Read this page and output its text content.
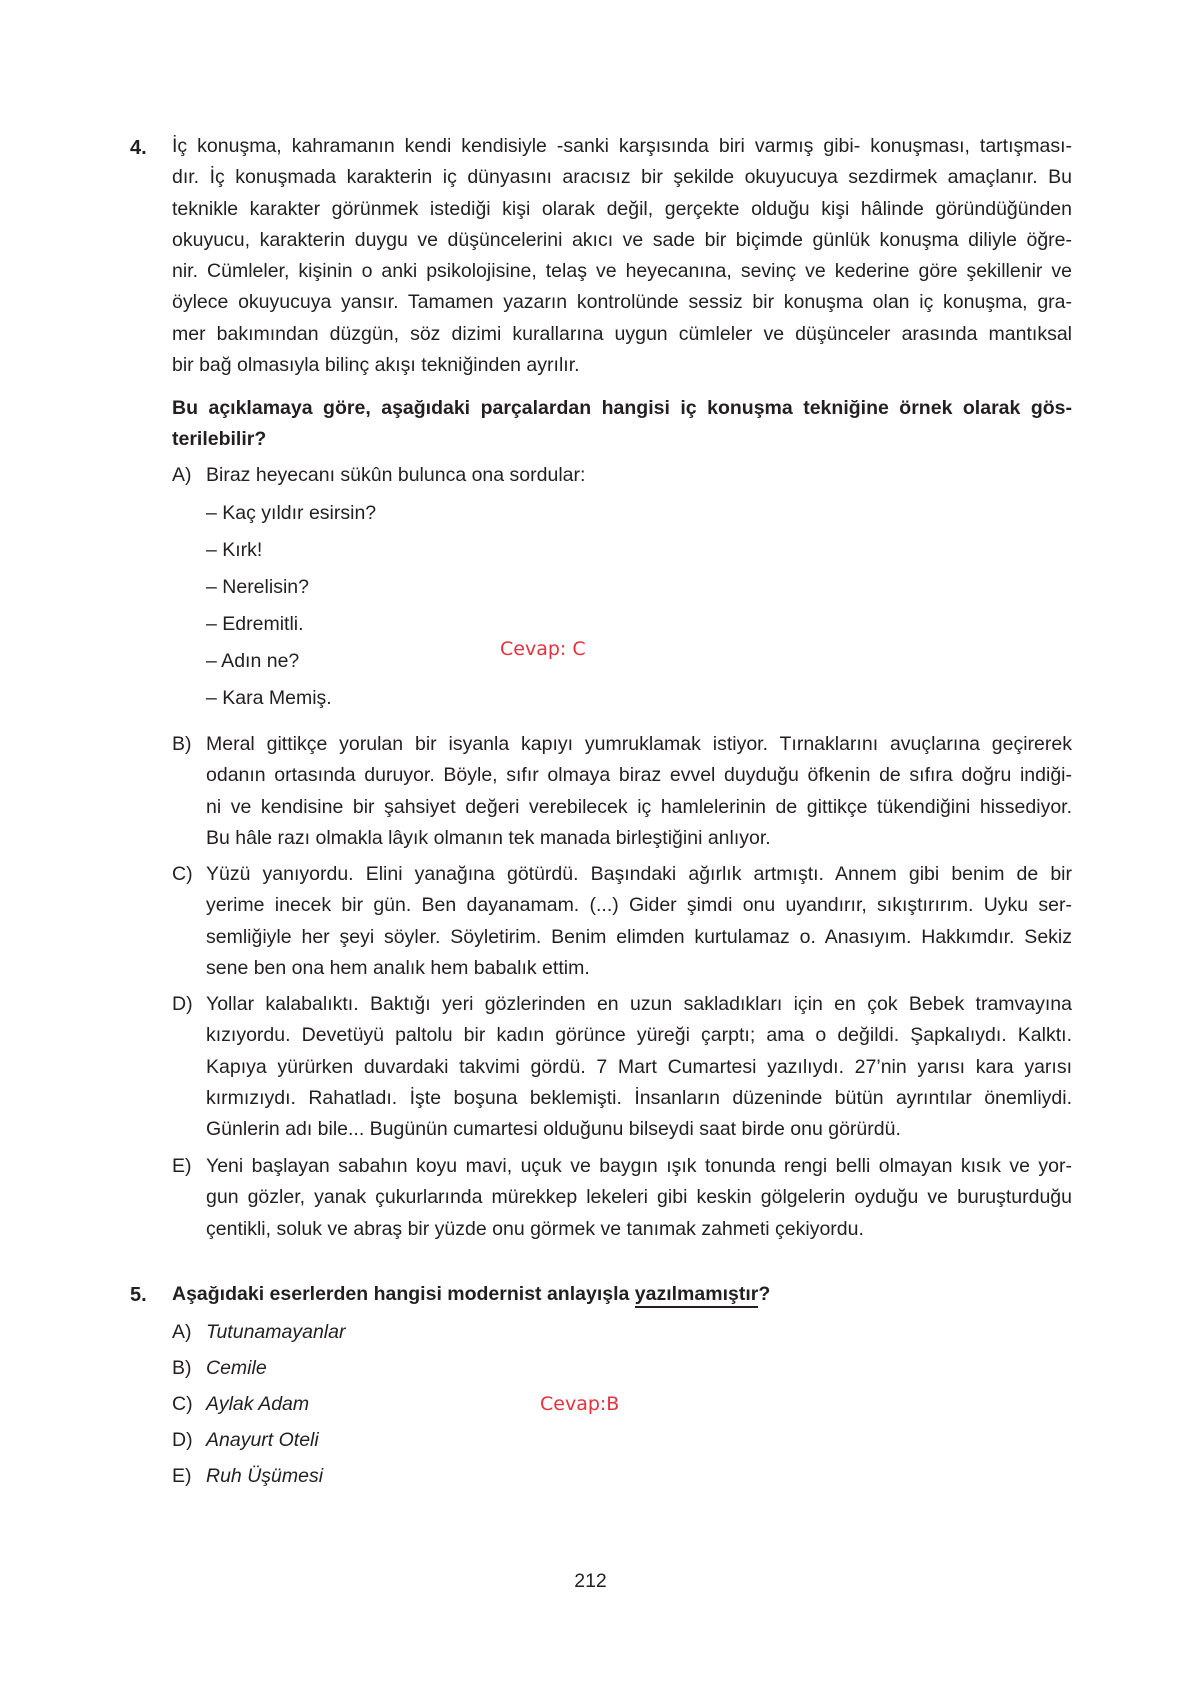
4. İç konuşma, kahramanın kendi kendisiyle -sanki karşısında biri varmış gibi- konuşması, tartışması-
dır. İç konuşmada karakterin iç dünyasını aracısız bir şekilde okuyucuya sezdirmek amaçlanır. Bu
teknikle karakter görünmek istediği kişi olarak değil, gerçekte olduğu kişi hâlinde göründüğünden
okuyucu, karakterin duygu ve düşüncelerini akıcı ve sade bir biçimde günlük konuşma diliyle öğre-
nir. Cümleler, kişinin o anki psikolojisine, telaş ve heyecanına, sevinç ve kederine göre şekillenir ve
öylece okuyucuya yansır. Tamamen yazarın kontrolünde sessiz bir konuşma olan iç konuşma, gra-
mer bakımından düzgün, söz dizimi kurallarına uygun cümleler ve düşünceler arasında mantıksal
bir bağ olmasıyla bilinç akışı tekniğinden ayrılır.
Bu açıklamaya göre, aşağıdaki parçalardan hangisi iç konuşma tekniğine örnek olarak gös-
terilebilir?
A) Biraz heyecanı sükûn bulunca ona sordular:
– Kaç yıldır esirsin?
– Kırk!
– Nerelisin?
– Edremitli.
– Adın ne?
– Kara Memiş.
Cevap: C
B) Meral gittikçe yorulan bir isyanla kapıyı yumruklamak istiyor. Tırnaklarını avuçlarına geçirerek
odanın ortasında duruyor. Böyle, sıfır olmaya biraz evvel duyduğu öfkenin de sıfıra doğru indiği-
ni ve kendisine bir şahsiyet değeri verebilecek iç hamlelerinin de gittikçe tükendiğini hissediyor.
Bu hâle razı olmakla lâyık olmanın tek manada birleştiğini anlıyor.
C) Yüzü yanıyordu. Elini yanağına götürdü. Başındaki ağırlık artmıştı. Annem gibi benim de bir
yerime inecek bir gün. Ben dayanamam. (...) Gider şimdi onu uyandırır, sıkıştırırım. Uyku ser-
semliğiyle her şeyi söyler. Söyletirim. Benim elimden kurtulamaz o. Anasıyım. Hakkımdır. Sekiz
sene ben ona hem analık hem babalık ettim.
D) Yollar kalabalıktı. Baktığı yeri gözlerinden en uzun sakladıkları için en çok Bebek tramvayına
kızıyordu. Devetüyü paltolu bir kadın görünce yüreği çarptı; ama o değildi. Şapkalıydı. Kalktı.
Kapıya yürürken duvardaki takvimi gördü. 7 Mart Cumartesi yazılıydı. 27’nin yarısı kara yarısı
kırmızıydı. Rahatladı. İşte boşuna beklemişti. İnsanların düzeninde bütün ayrıntılar önemliydi.
Günlerin adı bile... Bugünün cumartesi olduğunu bilseydi saat birde onu görürdü.
E) Yeni başlayan sabahın koyu mavi, uçuk ve baygın ışık tonunda rengi belli olmayan kısık ve yor-
gun gözler, yanak çukurlarında mürekkep lekeleri gibi keskin gölgelerin oyduğu ve buruşturduğu
çentikli, soluk ve abraş bir yüzde onu görmek ve tanımak zahmeti çekiyordu.
5. Aşağıdaki eserlerden hangisi modernist anlayışla yazılmamıştır?
A) Tutunamayanlar
B) Cemile
C) Aylak Adam
D) Anayurt Oteli
E) Ruh Üşümesi
Cevap:B
212
